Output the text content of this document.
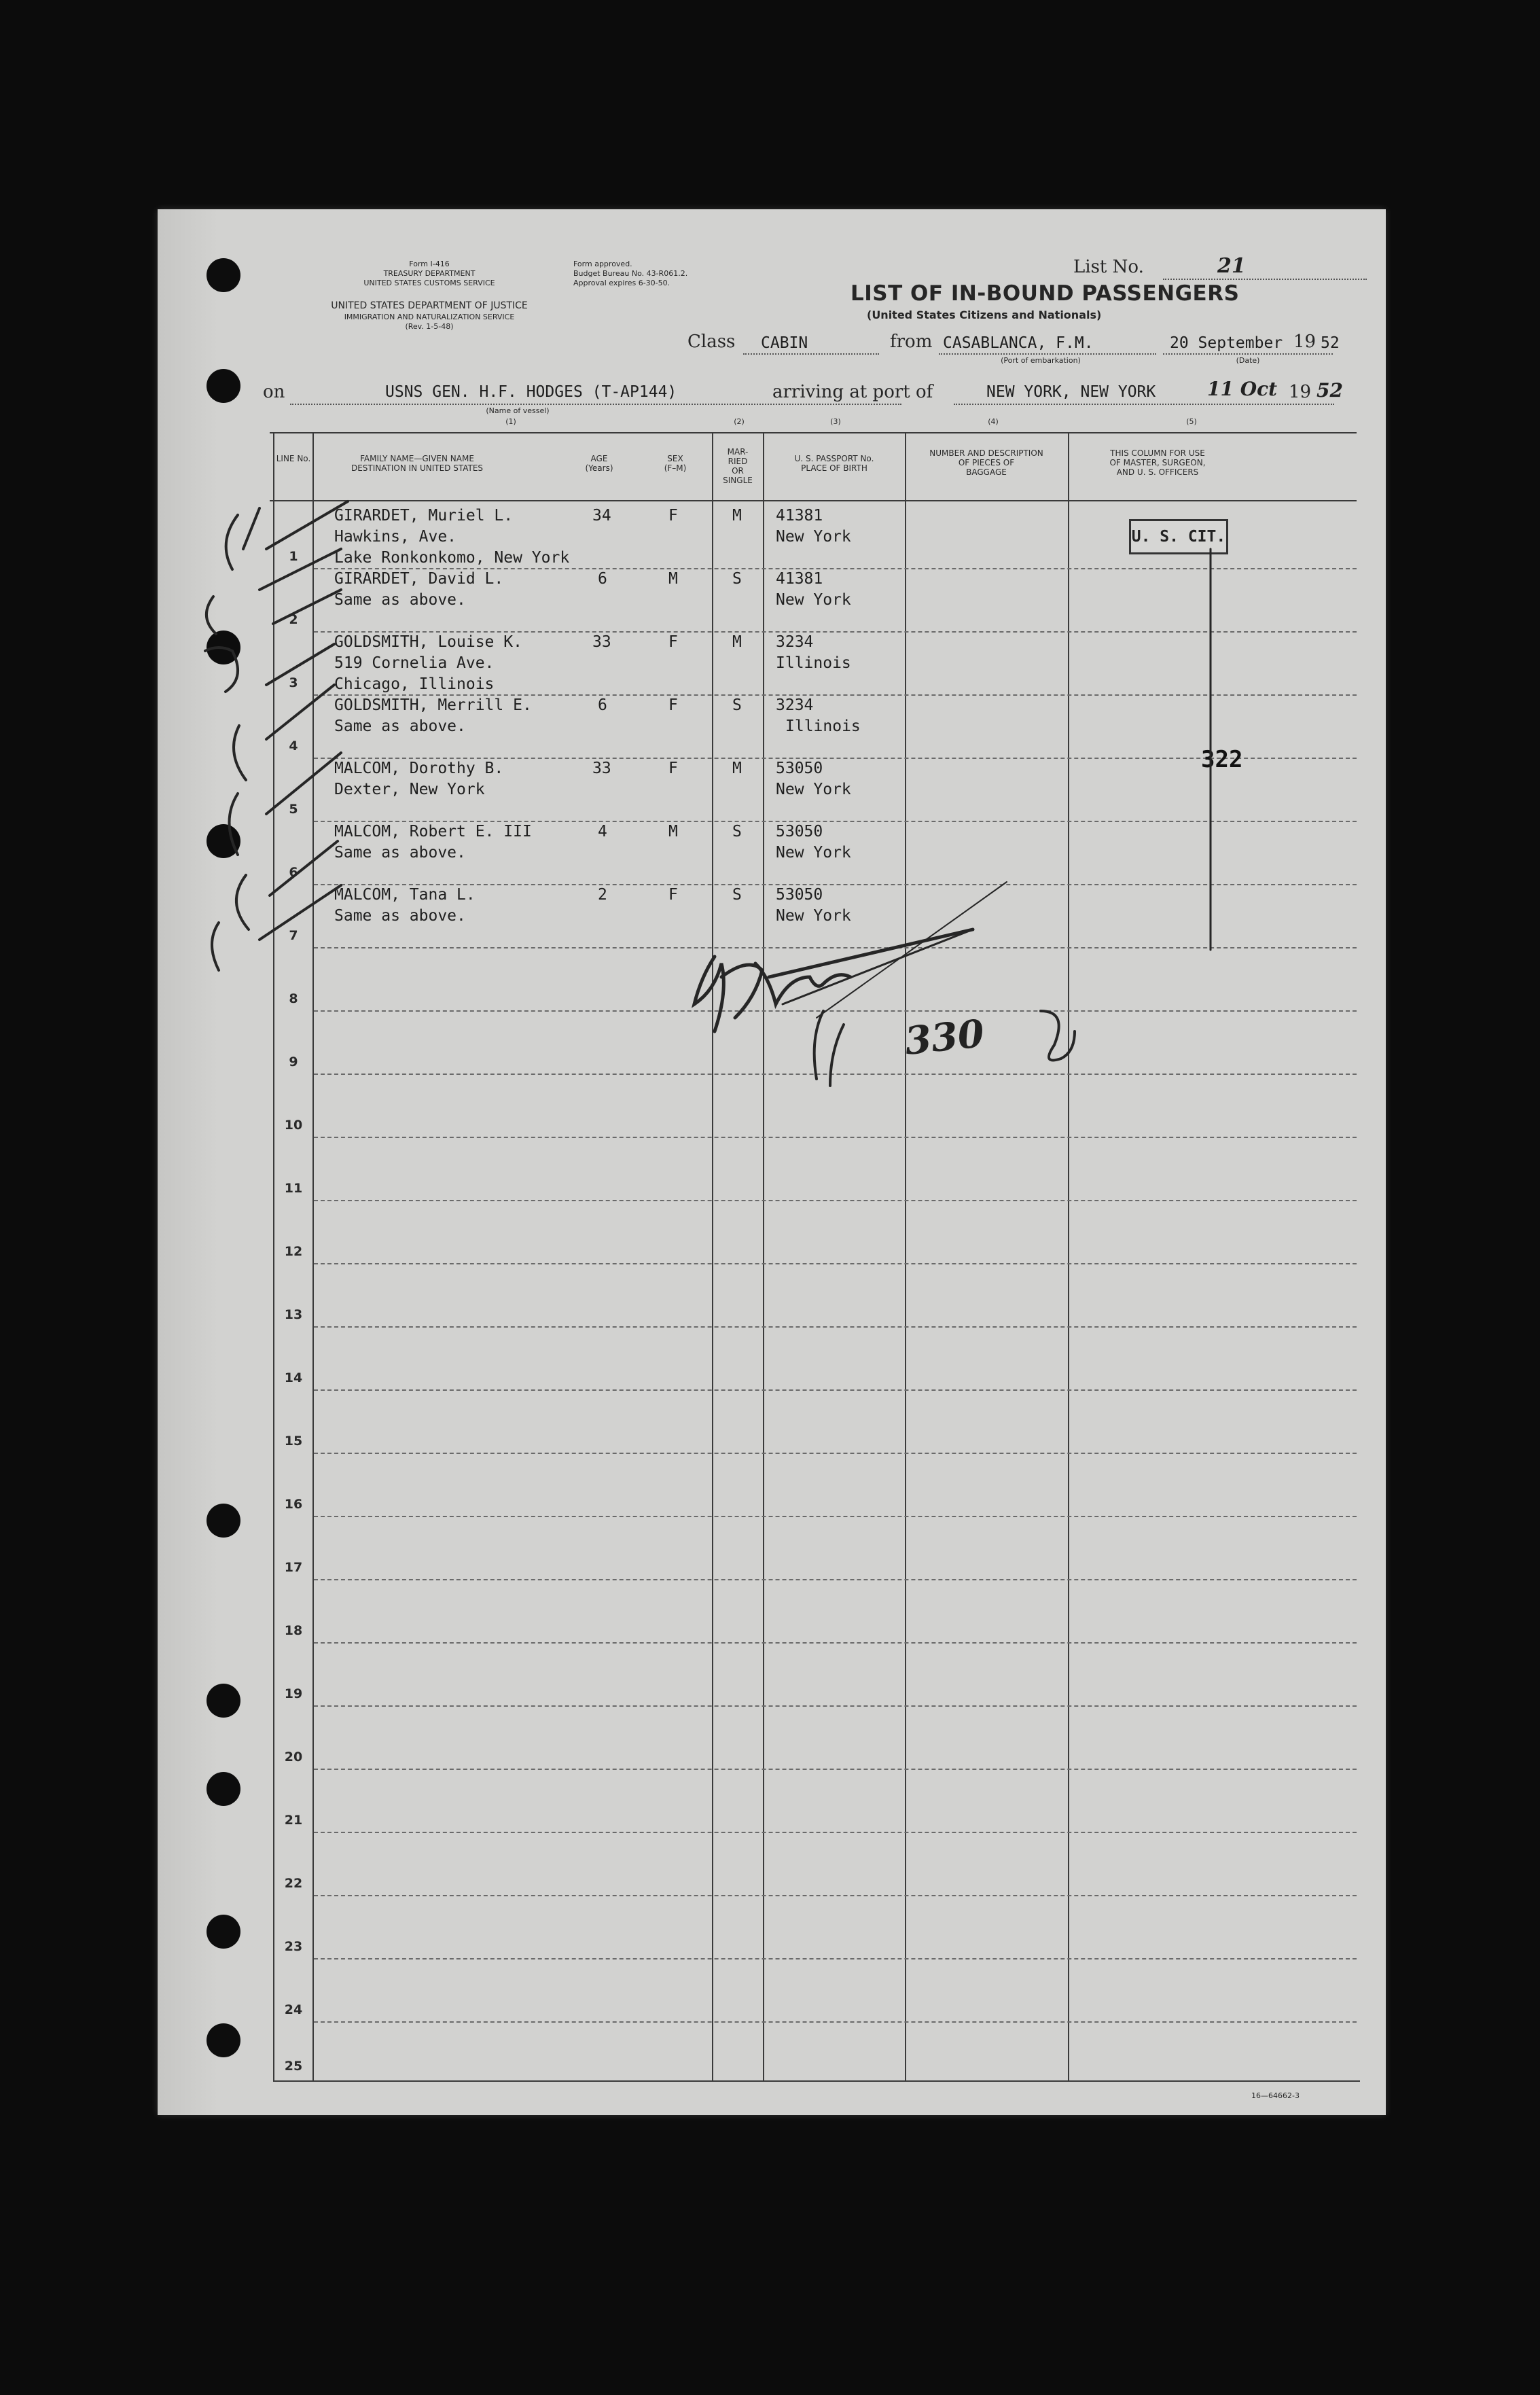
Form I-416
TREASURY DEPARTMENT
UNITED STATES CUSTOMS SERVICE
UNITED STATES DEPARTMENT OF JUSTICE
IMMIGRATION AND NATURALIZATION SERVICE
(Rev. 1-5-48)
Form approved.
Budget Bureau No. 43-R061.2.
Approval expires 6-30-50.
List No.	21
LIST OF IN-BOUND PASSENGERS
(United States Citizens and Nationals)
Class CABIN	from CASABLANCA, F.M.
(Port of embarkation)
20 September 19 52
(Date)
on	USNS GEN. H.F. HODGES (T-AP144)
(Name of vessel)
arriving at port of	NEW YORK, NEW YORK	11 Oct 19 52
(1)	(2)	(3)	(4)	(5)
LINE No.	FAMILY NAME—GIVEN NAME
DESTINATION IN UNITED STATES
AGE
(Years)
SEX
(F–M)
MAR-
RIED
OR
SINGLE
U. S. PASSPORT No.
PLACE OF BIRTH
NUMBER AND DESCRIPTION
OF PIECES OF
BAGGAGE
THIS COLUMN FOR USE
OF MASTER, SURGEON,
AND U. S. OFFICERS
1
GIRARDET, Muriel L.
Hawkins, Ave.
Lake Ronkonkomo, New York
34	F	M 41381
New York
2
GIRARDET, David L.
Same as above.
6	M	S 41381
New York
3
GOLDSMITH, Louise K.
519 Cornelia Ave.
Chicago, Illinois
33	F	M 3234
Illinois
4
GOLDSMITH, Merrill E.
Same as above.
6	F	S 3234
Illinois
5
MALCOM, Dorothy B.
Dexter, New York
33	F	M 53050
New York
6
MALCOM, Robert E. III
Same as above.
4	M	S 53050
New York
7
MALCOM, Tana L.
Same as above.
2	F	S 53050
New York
8
9
10
11
12
13
14
15
16
17
18
19
20
21
22
23
24
25
U. S. CIT.
322
330
16—64662-3
